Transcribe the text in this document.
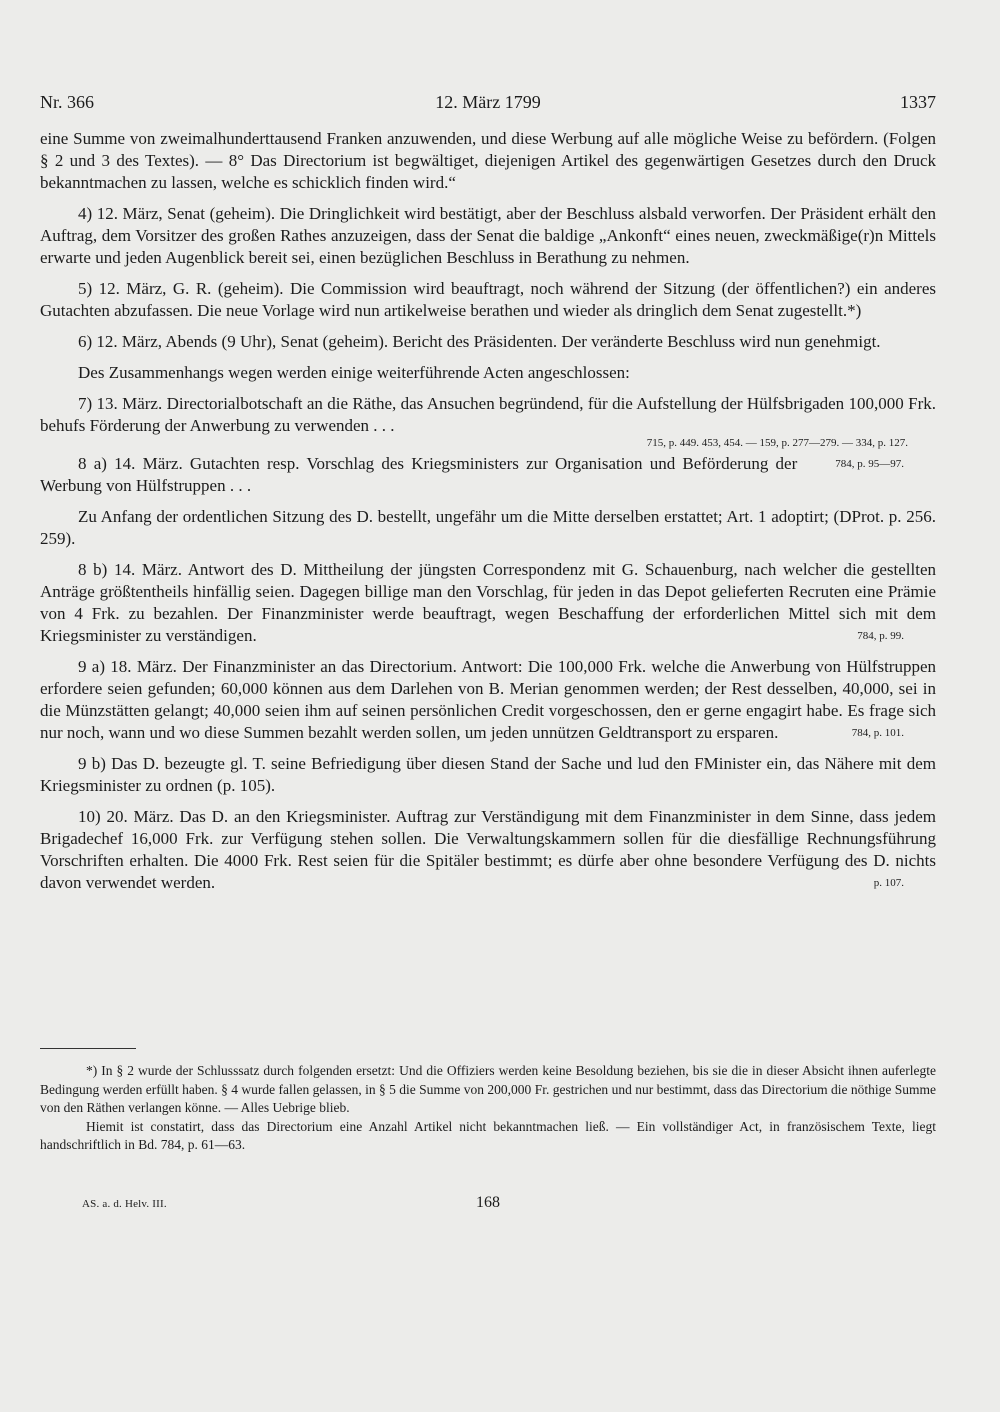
Nr. 366	12. März 1799	1337

eine Summe von zweimalhunderttausend Franken anzuwenden, und diese Werbung auf alle mögliche Weise zu befördern. (Folgen § 2 und 3 des Textes). — 8° Das Directorium ist begwältiget, diejenigen Artikel des gegenwärtigen Gesetzes durch den Druck bekanntmachen zu lassen, welche es schicklich finden wird.“

4) 12. März, Senat (geheim). Die Dringlichkeit wird bestätigt, aber der Beschluss alsbald verworfen. Der Präsident erhält den Auftrag, dem Vorsitzer des großen Rathes anzuzeigen, dass der Senat die baldige „Ankonft“ eines neuen, zweckmäßige(r)n Mittels erwarte und jeden Augenblick bereit sei, einen bezüglichen Beschluss in Berathung zu nehmen.

5) 12. März, G. R. (geheim). Die Commission wird beauftragt, noch während der Sitzung (der öffentlichen?) ein anderes Gutachten abzufassen. Die neue Vorlage wird nun artikelweise berathen und wieder als dringlich dem Senat zugestellt.*)

6) 12. März, Abends (9 Uhr), Senat (geheim). Bericht des Präsidenten. Der veränderte Beschluss wird nun genehmigt.

Des Zusammenhangs wegen werden einige weiterführende Acten angeschlossen:

7) 13. März. Directorialbotschaft an die Räthe, das Ansuchen begründend, für die Aufstellung der Hülfsbrigaden 100,000 Frk. behufs Förderung der Anwerbung zu verwenden . . .
715, p. 449. 453, 454. — 159, p. 277—279. — 334, p. 127.

784, p. 95—97.
8 a) 14. März. Gutachten resp. Vorschlag des Kriegsministers zur Organisation und Beförderung der Werbung von Hülfstruppen . . .

Zu Anfang der ordentlichen Sitzung des D. bestellt, ungefähr um die Mitte derselben erstattet; Art. 1 adoptirt; (DProt. p. 256. 259).

8 b) 14. März. Antwort des D. Mittheilung der jüngsten Correspondenz mit G. Schauenburg, nach welcher die gestellten Anträge größtentheils hinfällig seien. Dagegen billige man den Vorschlag, für jeden in das Depot gelieferten Recruten eine Prämie von 4 Frk. zu bezahlen. Der Finanzminister werde beauftragt, wegen Beschaffung der erforderlichen Mittel sich mit dem Kriegsminister zu verständigen.	784, p. 99.

9 a) 18. März. Der Finanzminister an das Directorium. Antwort: Die 100,000 Frk. welche die Anwerbung von Hülfstruppen erfordere seien gefunden; 60,000 können aus dem Darlehen von B. Merian genommen werden; der Rest desselben, 40,000, sei in die Münzstätten gelangt; 40,000 seien ihm auf seinen persönlichen Credit vorgeschossen, den er gerne engagirt habe. Es frage sich nur noch, wann und wo diese Summen bezahlt werden sollen, um jeden unnützen Geldtransport zu ersparen.	784, p. 101.

9 b) Das D. bezeugte gl. T. seine Befriedigung über diesen Stand der Sache und lud den FMinister ein, das Nähere mit dem Kriegsminister zu ordnen (p. 105).

10) 20. März. Das D. an den Kriegsminister. Auftrag zur Verständigung mit dem Finanzminister in dem Sinne, dass jedem Brigadechef 16,000 Frk. zur Verfügung stehen sollen. Die Verwaltungskammern sollen für die diesfällige Rechnungsführung Vorschriften erhalten. Die 4000 Frk. Rest seien für die Spitäler bestimmt; es dürfe aber ohne besondere Verfügung des D. nichts davon verwendet werden.	p. 107.

*) In § 2 wurde der Schlusssatz durch folgenden ersetzt: Und die Offiziers werden keine Besoldung beziehen, bis sie die in dieser Absicht ihnen auferlegte Bedingung werden erfüllt haben. § 4 wurde fallen gelassen, in § 5 die Summe von 200,000 Fr. gestrichen und nur bestimmt, dass das Directorium die nöthige Summe von den Räthen verlangen könne. — Alles Uebrige blieb.

Hiemit ist constatirt, dass das Directorium eine Anzahl Artikel nicht bekanntmachen ließ. — Ein vollständiger Act, in französischem Texte, liegt handschriftlich in Bd. 784, p. 61—63.

AS. a. d. Helv. III.	168
